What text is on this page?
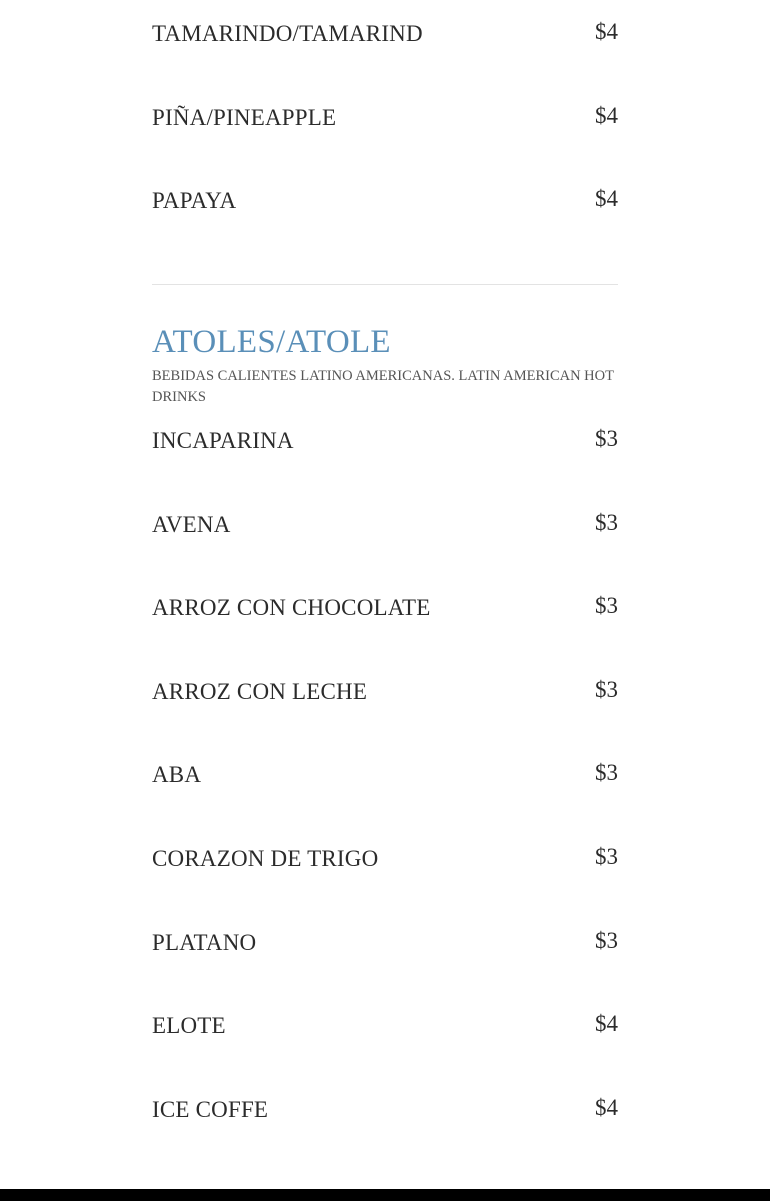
TAMARINDO/TAMARIND	$4
PIÑA/PINEAPPLE	$4
PAPAYA	$4
ATOLES/ATOLE
BEBIDAS CALIENTES LATINO AMERICANAS. LATIN AMERICAN HOT DRINKS
INCAPARINA	$3
AVENA	$3
ARROZ CON CHOCOLATE	$3
ARROZ CON LECHE	$3
ABA	$3
CORAZON DE TRIGO	$3
PLATANO	$3
ELOTE	$4
ICE COFFE	$4
